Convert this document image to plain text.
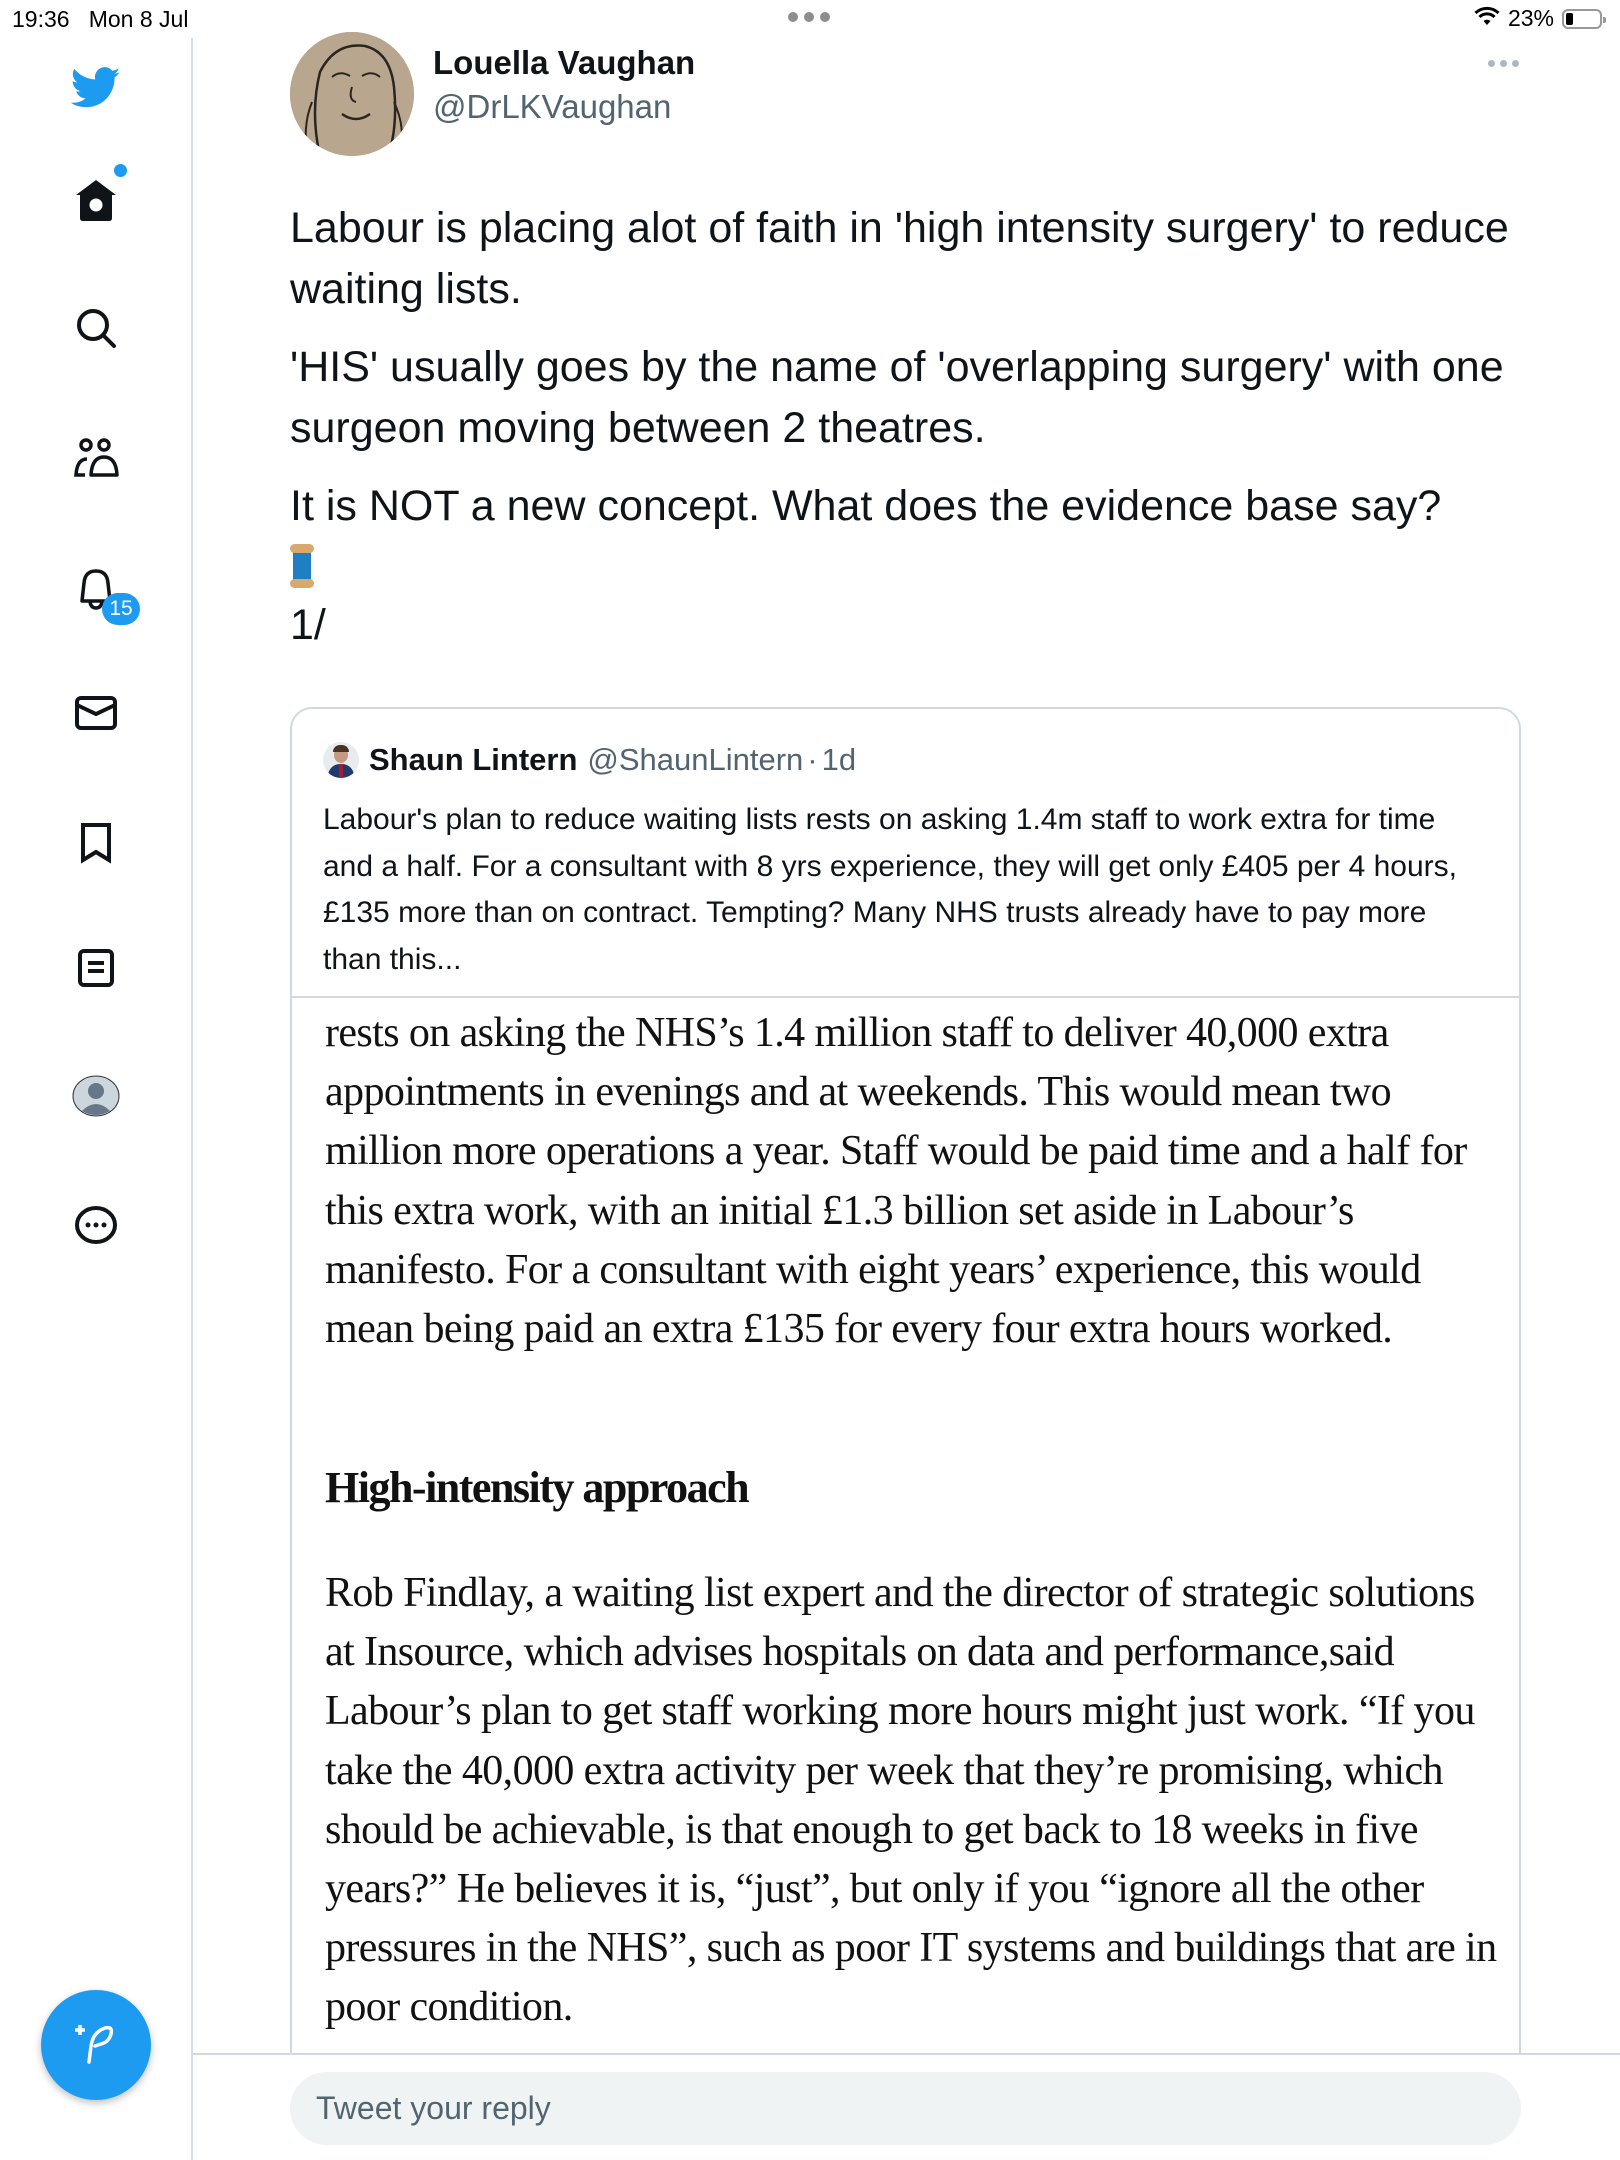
19:36 Mon 8 Jul	23%
15
Louella Vaughan
@DrLKVaughan

Labour is placing alot of faith in 'high intensity surgery' to reduce waiting lists.

'HIS' usually goes by the name of 'overlapping surgery' with one surgeon moving between 2 theatres.

It is NOT a new concept. What does the evidence base say?

1/
Shaun Lintern @ShaunLintern · 1d
Labour's plan to reduce waiting lists rests on asking 1.4m staff to work extra for time and a half. For a consultant with 8 yrs experience, they will get only £405 per 4 hours, £135 more than on contract. Tempting? Many NHS trusts already have to pay more than this...
rests on asking the NHS’s 1.4 million staff to deliver 40,000 extra appointments in evenings and at weekends. This would mean two million more operations a year. Staff would be paid time and a half for this extra work, with an initial £1.3 billion set aside in Labour’s manifesto. For a consultant with eight years’ experience, this would mean being paid an extra £135 for every four extra hours worked.
High-intensity approach
Rob Findlay, a waiting list expert and the director of strategic solutions at Insource, which advises hospitals on data and performance,said Labour’s plan to get staff working more hours might just work. “If you take the 40,000 extra activity per week that they’re promising, which should be achievable, is that enough to get back to 18 weeks in five years?” He believes it is, “just”, but only if you “ignore all the other pressures in the NHS”, such as poor IT systems and buildings that are in poor condition.
Tweet your reply
